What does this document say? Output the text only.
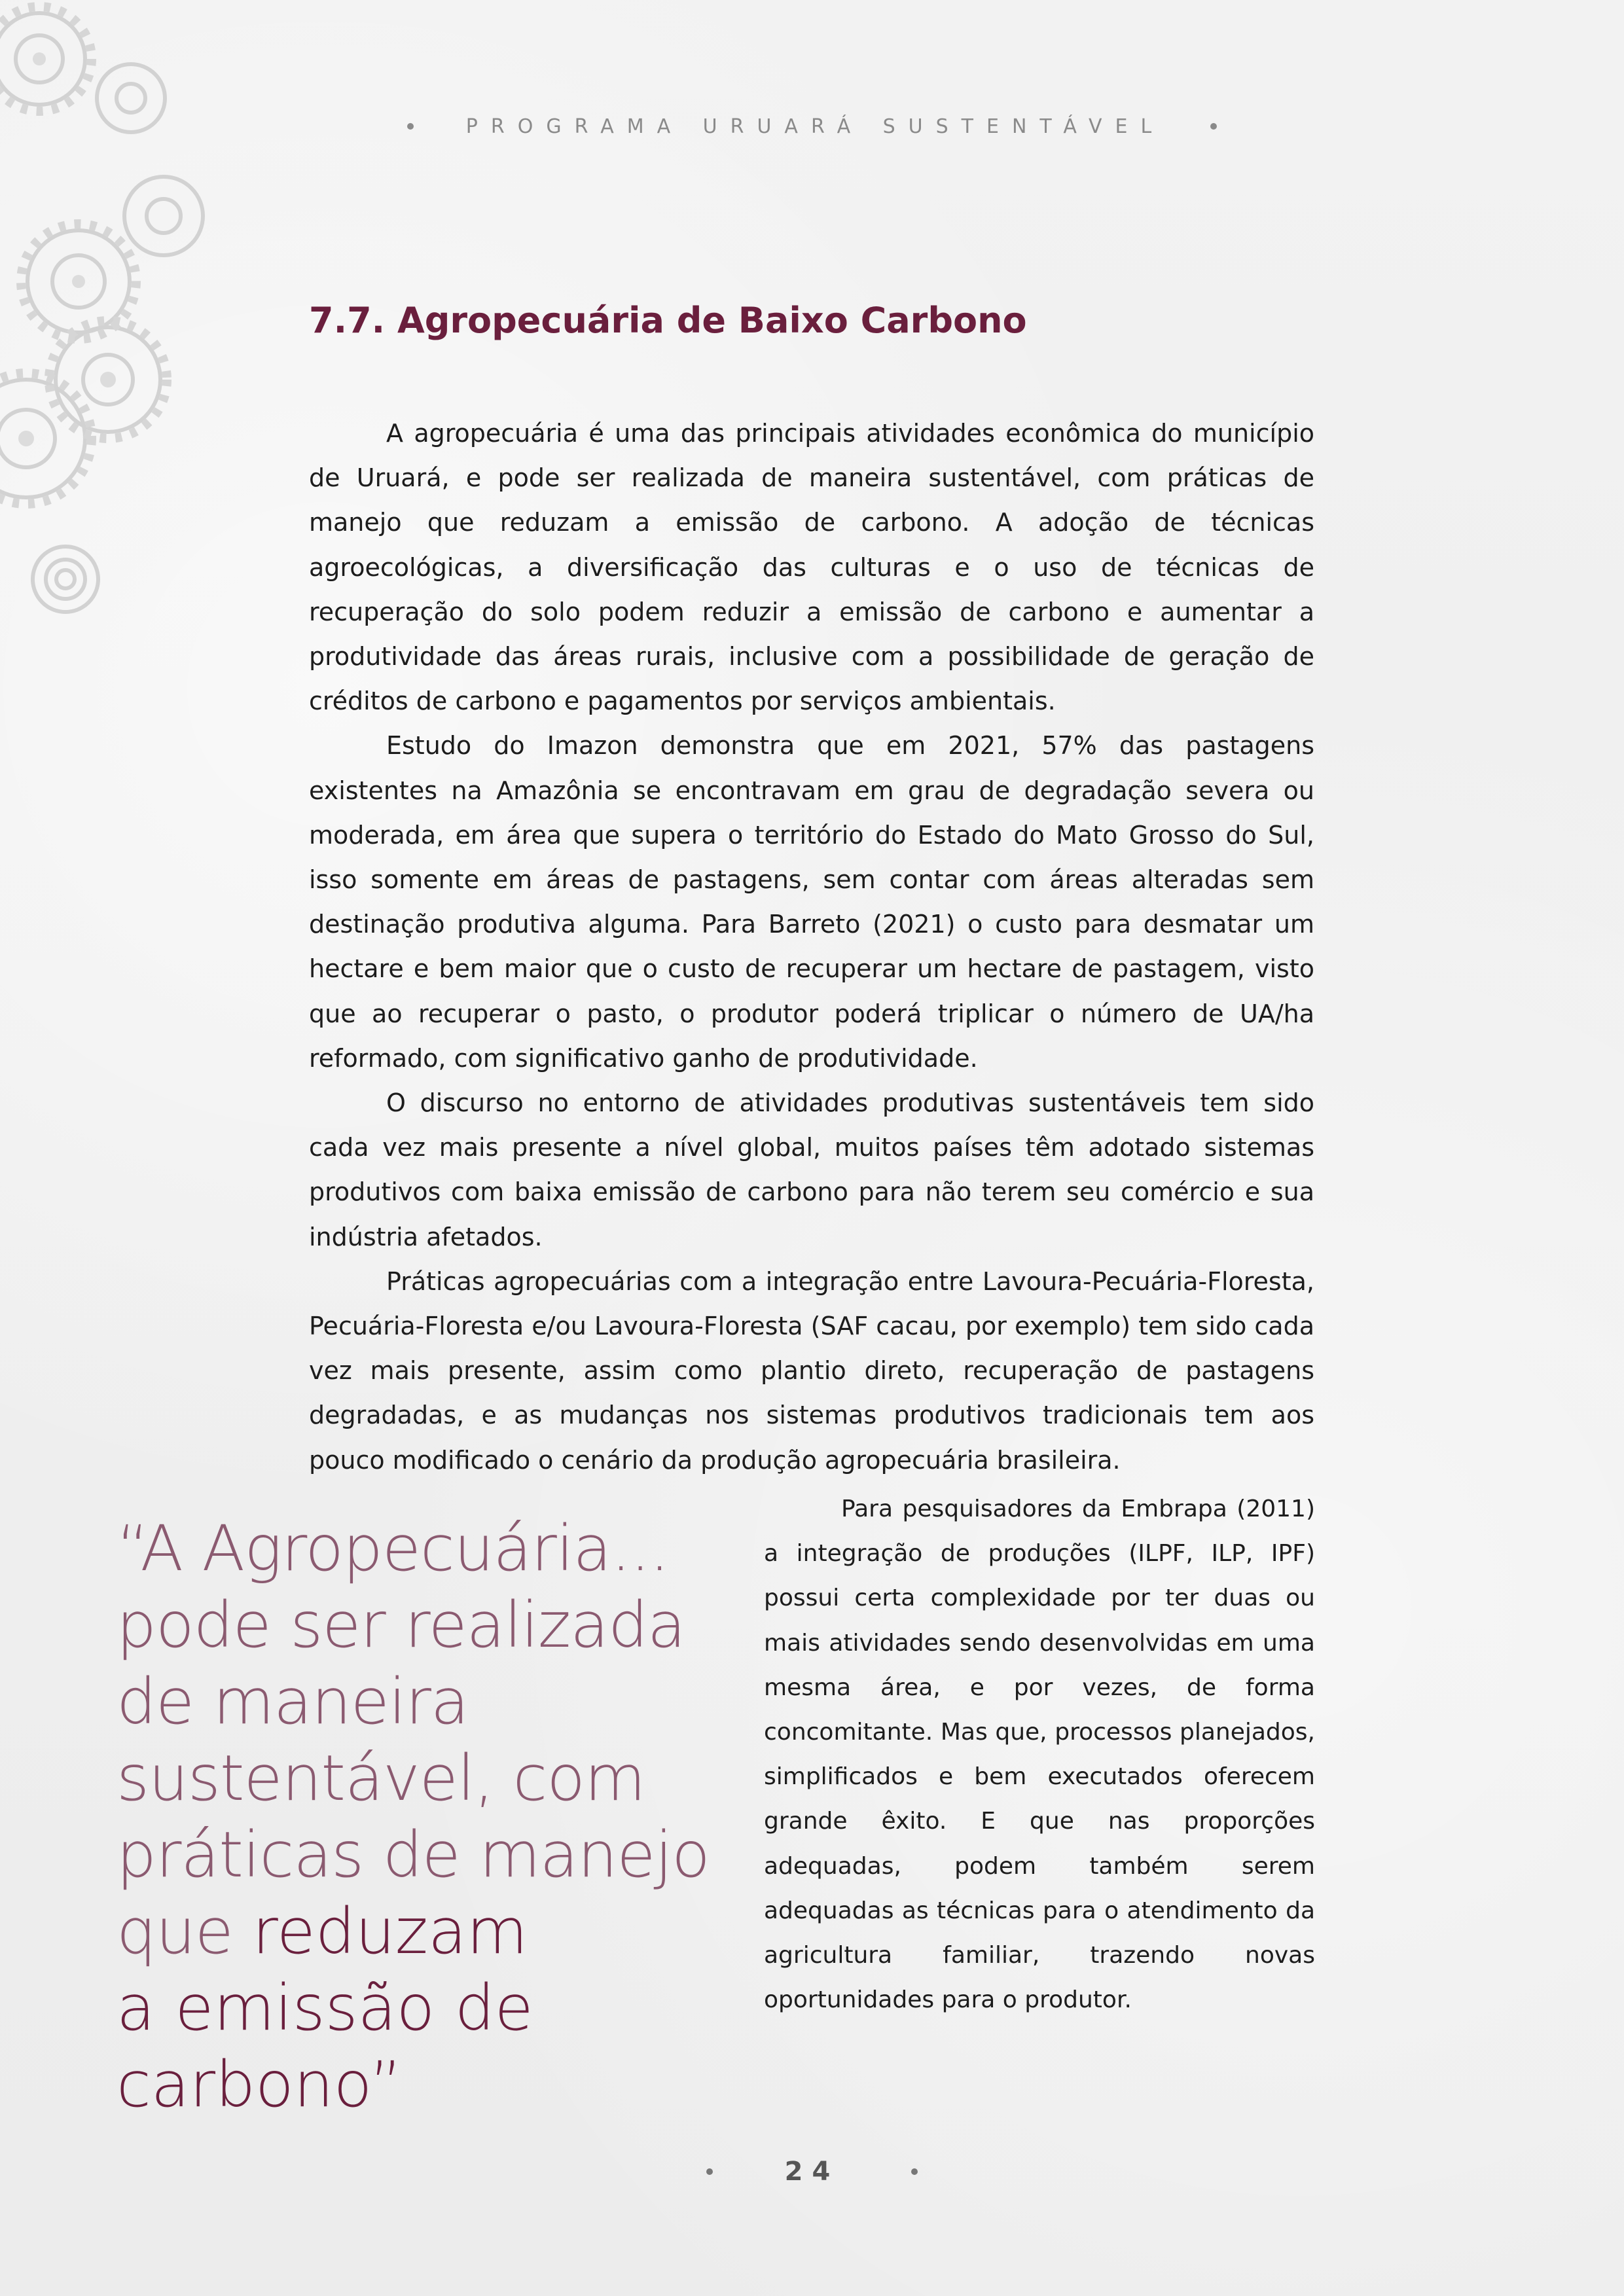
PROGRAMA URUARÁ SUSTENTÁVEL
7.7. Agropecuária de Baixo Carbono

A agropecuária é uma das principais atividades econômica do município de Uruará, e pode ser realizada de maneira sustentável, com práticas de manejo que reduzam a emissão de carbono. A adoção de técnicas agroecológicas, a diversificação das culturas e o uso de técnicas de recuperação do solo podem reduzir a emissão de carbono e aumentar a produtividade das áreas rurais, inclusive com a possibilidade de geração de créditos de carbono e pagamentos por serviços ambientais.

Estudo do Imazon demonstra que em 2021, 57% das pastagens existentes na Amazônia se encontravam em grau de degradação severa ou moderada, em área que supera o território do Estado do Mato Grosso do Sul, isso somente em áreas de pastagens, sem contar com áreas alteradas sem destinação produtiva alguma. Para Barreto (2021) o custo para desmatar um hectare e bem maior que o custo de recuperar um hectare de pastagem, visto que ao recuperar o pasto, o produtor poderá triplicar o número de UA/ha reformado, com significativo ganho de produtividade.

O discurso no entorno de atividades produtivas sustentáveis tem sido cada vez mais presente a nível global, muitos países têm adotado sistemas produtivos com baixa emissão de carbono para não terem seu comércio e sua indústria afetados.

Práticas agropecuárias com a integração entre Lavoura-Pecuária-Floresta, Pecuária-Floresta e/ou Lavoura-Floresta (SAF cacau, por exemplo) tem sido cada vez mais presente, assim como plantio direto, recuperação de pastagens degradadas, e as mudanças nos sistemas produtivos tradicionais tem aos pouco modificado o cenário da produção agropecuária brasileira.

“A Agropecuária...
pode ser realizada
de maneira
sustentável, com
práticas de manejo
que reduzam
a emissão de
carbono”

Para pesquisadores da Embrapa (2011) a integração de produções (ILPF, ILP, IPF) possui certa complexidade por ter duas ou mais atividades sendo desenvolvidas em uma mesma área, e por vezes, de forma concomitante. Mas que, processos planejados, simplificados e bem executados oferecem grande êxito. E que nas proporções adequadas, podem também serem adequadas as técnicas para o atendimento da agricultura familiar, trazendo novas oportunidades para o produtor.

24
